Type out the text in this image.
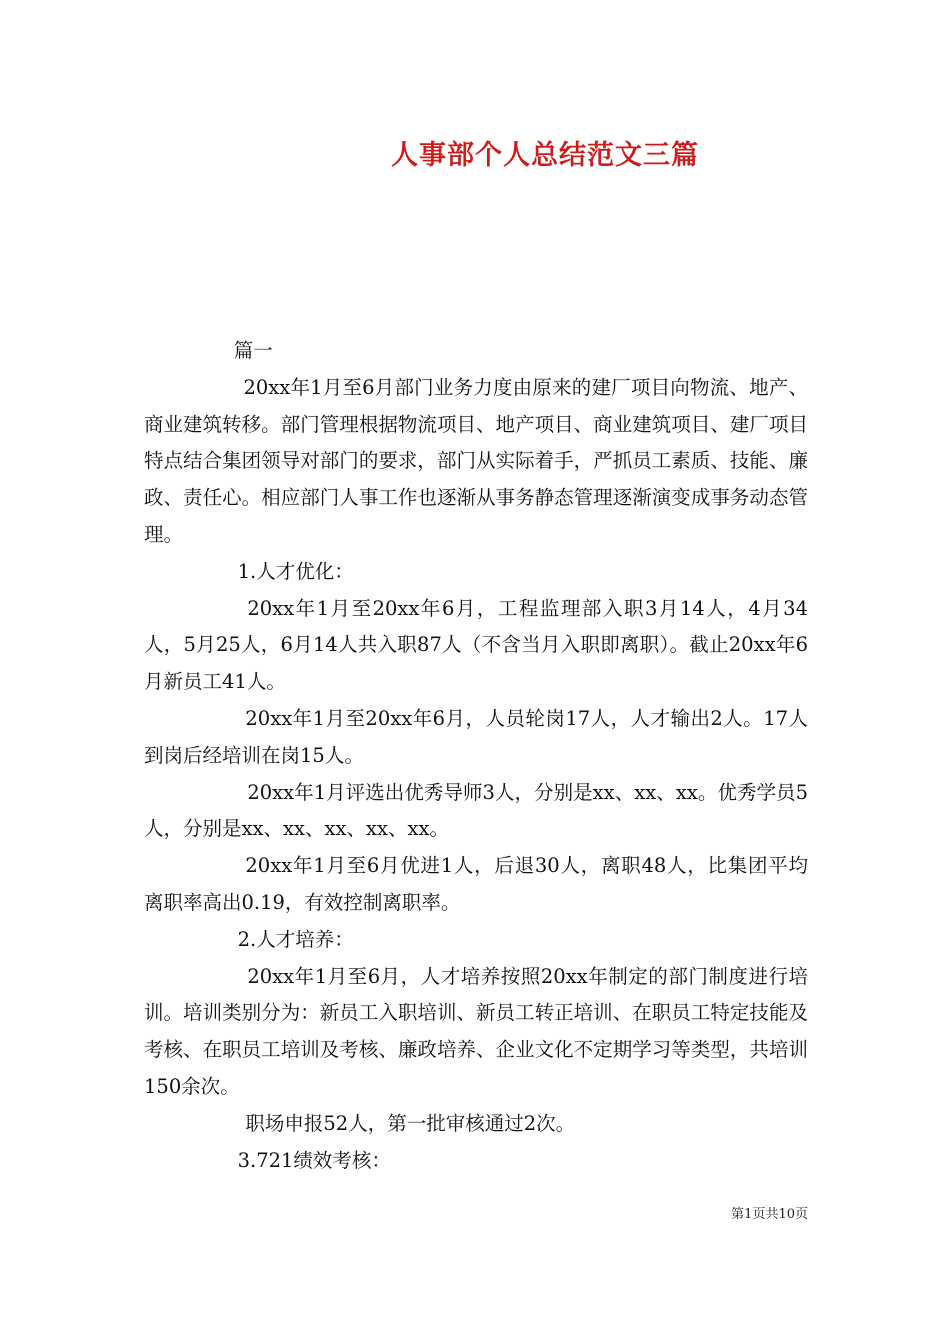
人事部个人总结范文三篇

篇一

20xx年1月至6月部门业务力度由原来的建厂项目向物流、地产、商业建筑转移。部门管理根据物流项目、地产项目、商业建筑项目、建厂项目特点结合集团领导对部门的要求，部门从实际着手，严抓员工素质、技能、廉政、责任心。相应部门人事工作也逐渐从事务静态管理逐渐演变成事务动态管理。

1.人才优化：

20xx年1月至20xx年6月，工程监理部入职3月14人，4月34人，5月25人，6月14人共入职87人（不含当月入职即离职）。截止20xx年6月新员工41人。

20xx年1月至20xx年6月，人员轮岗17人，人才输出2人。17人到岗后经培训在岗15人。

20xx年1月评选出优秀导师3人，分别是xx、xx、xx。优秀学员5人，分别是xx、xx、xx、xx、xx。

20xx年1月至6月优进1人，后退30人，离职48人，比集团平均离职率高出0.19，有效控制离职率。

2.人才培养：

20xx年1月至6月，人才培养按照20xx年制定的部门制度进行培训。培训类别分为：新员工入职培训、新员工转正培训、在职员工特定技能及考核、在职员工培训及考核、廉政培养、企业文化不定期学习等类型，共培训150余次。

职场申报52人，第一批审核通过2次。

3.721绩效考核：

第1页共10页
